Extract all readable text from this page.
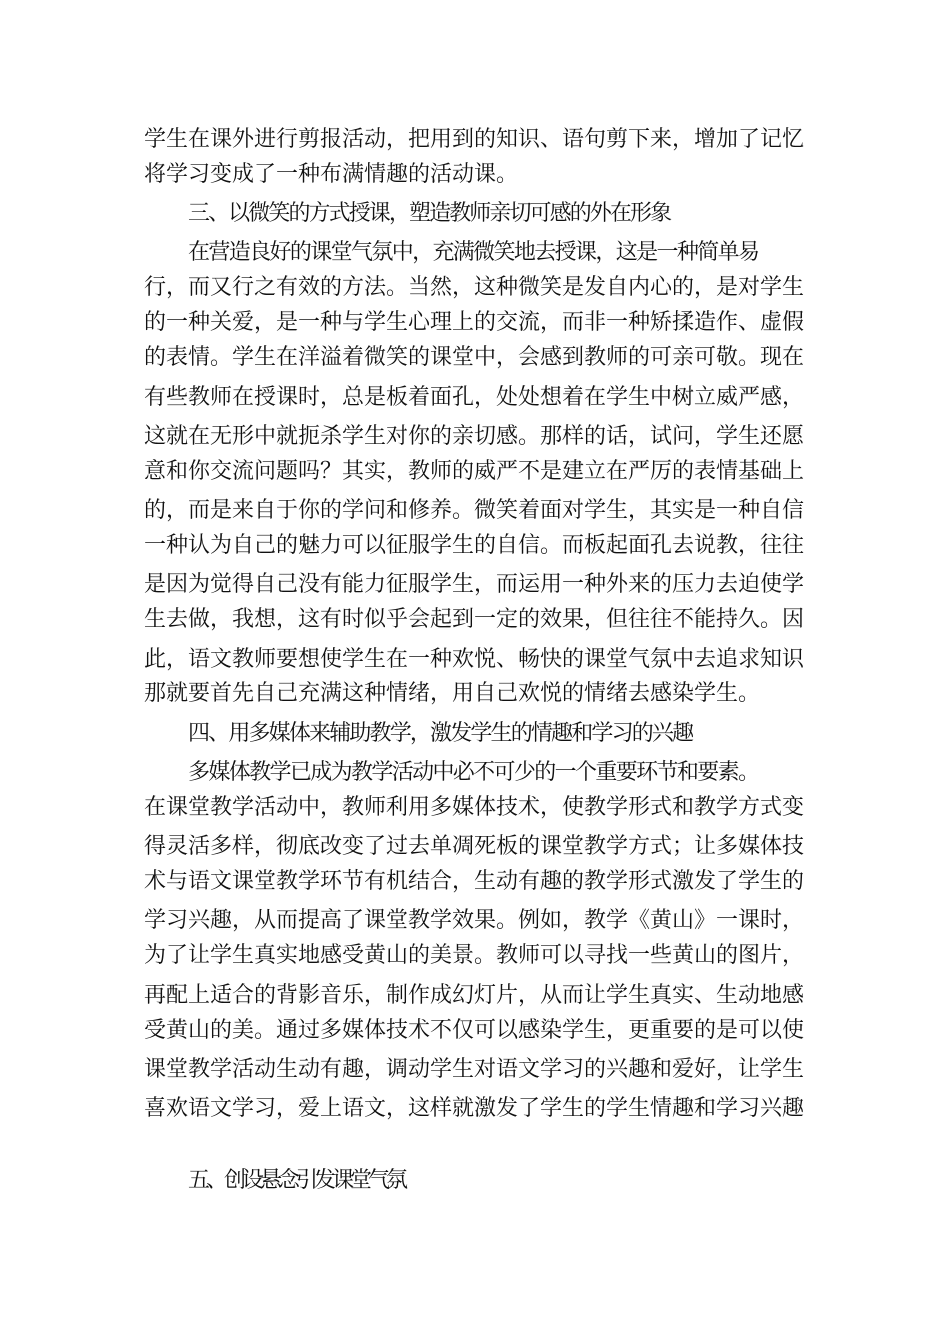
学生在课外进行剪报活动，把用到的知识、语句剪下来，增加了记忆
将学习变成了一种布满情趣的活动课。
三、以微笑的方式授课，塑造教师亲切可感的外在形象
在营造良好的课堂气氛中，充满微笑地去授课，这是一种简单易
行，而又行之有效的方法。当然，这种微笑是发自内心的，是对学生
的一种关爱，是一种与学生心理上的交流，而非一种矫揉造作、虚假
的表情。学生在洋溢着微笑的课堂中，会感到教师的可亲可敬。现在
有些教师在授课时，总是板着面孔，处处想着在学生中树立威严感，
这就在无形中就扼杀学生对你的亲切感。那样的话，试问，学生还愿
意和你交流问题吗？其实，教师的威严不是建立在严厉的表情基础上
的，而是来自于你的学问和修养。微笑着面对学生，其实是一种自信
一种认为自己的魅力可以征服学生的自信。而板起面孔去说教，往往
是因为觉得自己没有能力征服学生，而运用一种外来的压力去迫使学
生去做，我想，这有时似乎会起到一定的效果，但往往不能持久。因
此，语文教师要想使学生在一种欢悦、畅快的课堂气氛中去追求知识
那就要首先自己充满这种情绪，用自己欢悦的情绪去感染学生。
四、用多媒体来辅助教学，激发学生的情趣和学习的兴趣
多媒体教学已成为教学活动中必不可少的一个重要环节和要素。
在课堂教学活动中，教师利用多媒体技术，使教学形式和教学方式变
得灵活多样，彻底改变了过去单凋死板的课堂教学方式；让多媒体技
术与语文课堂教学环节有机结合，生动有趣的教学形式激发了学生的
学习兴趣，从而提高了课堂教学效果。例如，教学《黄山》一课时，
为了让学生真实地感受黄山的美景。教师可以寻找一些黄山的图片，
再配上适合的背影音乐，制作成幻灯片，从而让学生真实、生动地感
受黄山的美。通过多媒体技术不仅可以感染学生，更重要的是可以使
课堂教学活动生动有趣，调动学生对语文学习的兴趣和爱好，让学生
喜欢语文学习，爱上语文，这样就激发了学生的学生情趣和学习兴趣
五、创设悬念引发课堂气氛
